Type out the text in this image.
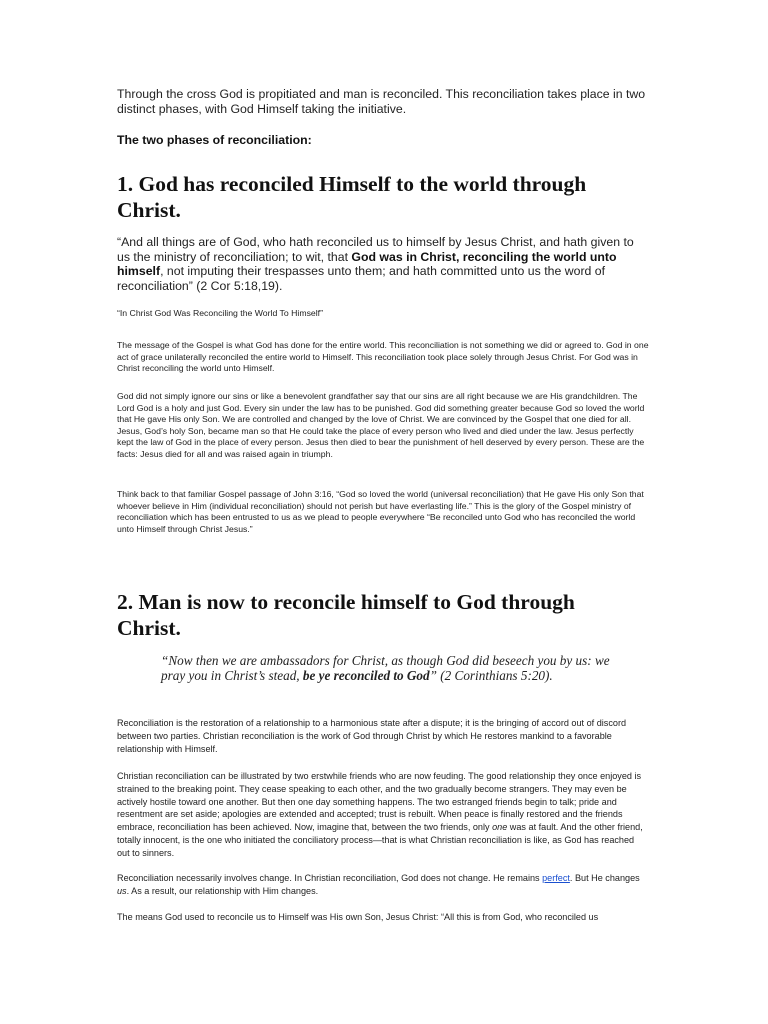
Through the cross God is propitiated and man is reconciled. This reconciliation takes place in two distinct phases, with God Himself taking the initiative.

The two phases of reconciliation:

1. God has reconciled Himself to the world through Christ.

“And all things are of God, who hath reconciled us to himself by Jesus Christ, and hath given to us the ministry of reconciliation; to wit, that God was in Christ, reconciling the world unto himself, not imputing their trespasses unto them; and hath committed unto us the word of reconciliation” (2 Cor 5:18,19).

“In Christ God Was Reconciling the World To Himself”

The message of the Gospel is what God has done for the entire world. This reconciliation is not something we did or agreed to. God in one act of grace unilaterally reconciled the entire world to Himself. This reconciliation took place solely through Jesus Christ. For God was in Christ reconciling the world unto Himself.

God did not simply ignore our sins or like a benevolent grandfather say that our sins are all right because we are His grandchildren. The Lord God is a holy and just God. Every sin under the law has to be punished. God did something greater because God so loved the world that He gave His only Son. We are controlled and changed by the love of Christ. We are convinced by the Gospel that one died for all. Jesus, God’s holy Son, became man so that He could take the place of every person who lived and died under the law. Jesus perfectly kept the law of God in the place of every person. Jesus then died to bear the punishment of hell deserved by every person. These are the facts: Jesus died for all and was raised again in triumph.

Think back to that familiar Gospel passage of John 3:16, “God so loved the world (universal reconciliation) that He gave His only Son that whoever believe in Him (individual reconciliation) should not perish but have everlasting life.” This is the glory of the Gospel ministry of reconciliation which has been entrusted to us as we plead to people everywhere “Be reconciled unto God who has reconciled the world unto Himself through Christ Jesus.”

2. Man is now to reconcile himself to God through Christ.

“Now then we are ambassadors for Christ, as though God did beseech you by us: we pray you in Christ’s stead, be ye reconciled to God” (2 Corinthians 5:20).

Reconciliation is the restoration of a relationship to a harmonious state after a dispute; it is the bringing of accord out of discord between two parties. Christian reconciliation is the work of God through Christ by which He restores mankind to a favorable relationship with Himself.

Christian reconciliation can be illustrated by two erstwhile friends who are now feuding. The good relationship they once enjoyed is strained to the breaking point. They cease speaking to each other, and the two gradually become strangers. They may even be actively hostile toward one another. But then one day something happens. The two estranged friends begin to talk; pride and resentment are set aside; apologies are extended and accepted; trust is rebuilt. When peace is finally restored and the friends embrace, reconciliation has been achieved. Now, imagine that, between the two friends, only one was at fault. And the other friend, totally innocent, is the one who initiated the conciliatory process—that is what Christian reconciliation is like, as God has reached out to sinners.

Reconciliation necessarily involves change. In Christian reconciliation, God does not change. He remains perfect. But He changes us. As a result, our relationship with Him changes.

The means God used to reconcile us to Himself was His own Son, Jesus Christ: “All this is from God, who reconciled us
